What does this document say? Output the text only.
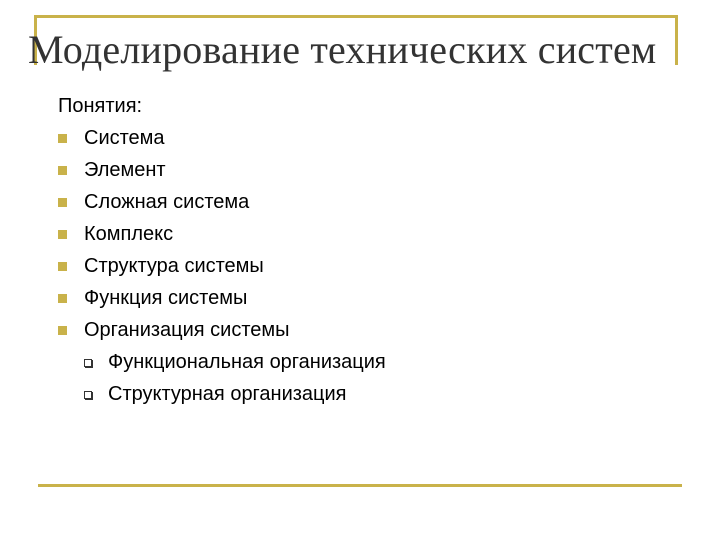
Моделирование технических систем
Понятия:
Система
Элемент
Сложная система
Комплекс
Структура системы
Функция системы
Организация системы
Функциональная организация
Структурная организация
